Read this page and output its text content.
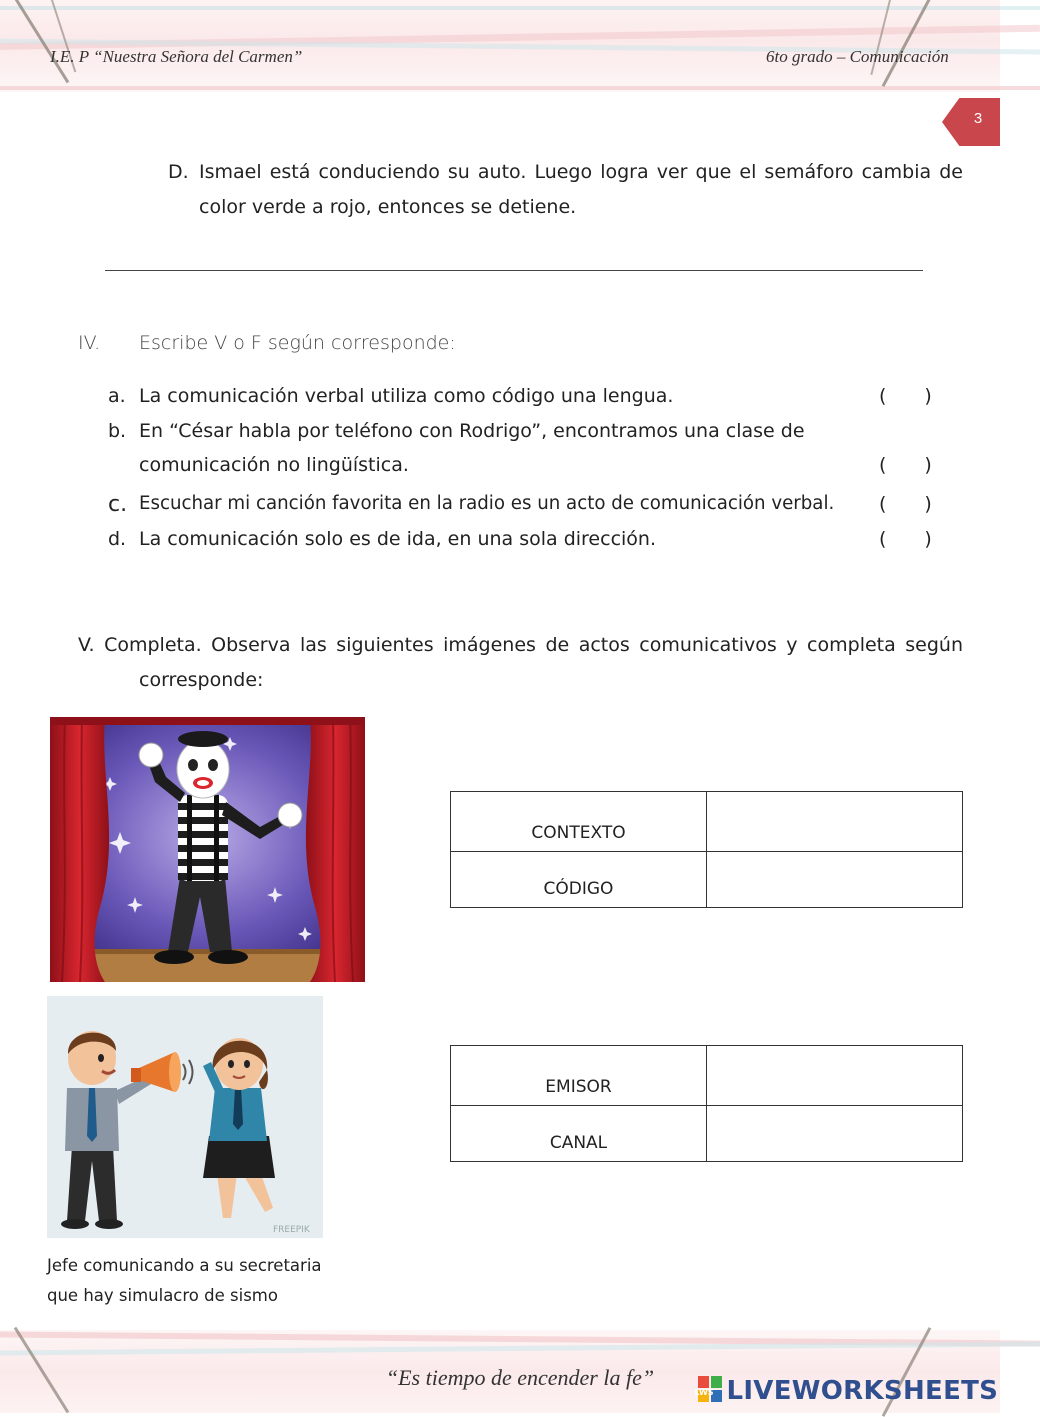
I.E. P “Nuestra Señora del Carmen”	6to grado – Comunicación
3
D. Ismael está conduciendo su auto. Luego logra ver que el semáforo cambia de
color verde a rojo, entonces se detiene.
IV. Escribe V o F según corresponde:
a. La comunicación verbal utiliza como código una lengua.	( )
b. En “César habla por teléfono con Rodrigo”, encontramos una clase de
comunicación no lingüística.	( )
c. Escuchar mi canción favorita en la radio es un acto de comunicación verbal. ( )
d. La comunicación solo es de ida, en una sola dirección.	( )
V. Completa. Observa las siguientes imágenes de actos comunicativos y completa según
corresponde:
CONTEXTO	
CÓDIGO	
FREEPIK
EMISOR	
CANAL	
Jefe comunicando a su secretaria
que hay simulacro de sismo
“Es tiempo de encender la fe”
LWS LIVEWORKSHEETS
